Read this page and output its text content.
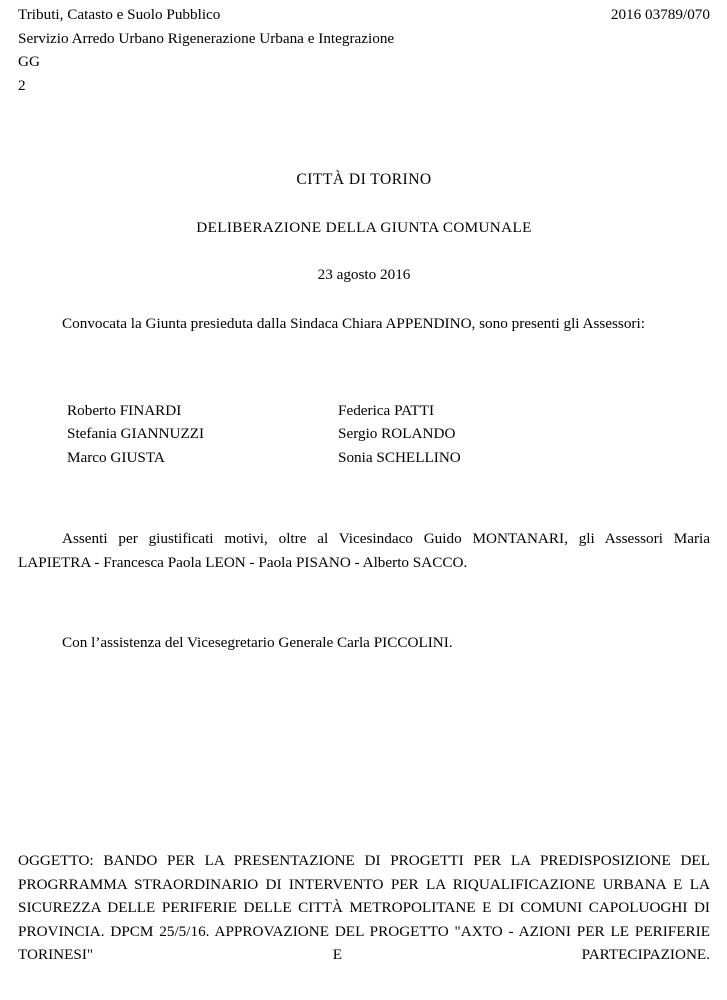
Tributi, Catasto e Suolo Pubblico	2016 03789/070
Servizio Arredo Urbano Rigenerazione Urbana e Integrazione
GG
2
CITTÀ DI TORINO
DELIBERAZIONE DELLA GIUNTA COMUNALE
23 agosto 2016

Convocata la Giunta presieduta dalla Sindaca Chiara APPENDINO, sono presenti gli Assessori:

Roberto FINARDI
Stefania GIANNUZZI
Marco GIUSTA
Federica PATTI
Sergio ROLANDO
Sonia SCHELLINO

Assenti per giustificati motivi, oltre al Vicesindaco Guido MONTANARI, gli Assessori Maria LAPIETRA - Francesca Paola LEON - Paola PISANO - Alberto SACCO.

Con l’assistenza del Vicesegretario Generale Carla PICCOLINI.

OGGETTO: BANDO PER LA PRESENTAZIONE DI PROGETTI PER LA PREDISPOSIZIONE DEL PROGRRAMMA STRAORDINARIO DI INTERVENTO PER LA RIQUALIFICAZIONE URBANA E LA SICUREZZA DELLE PERIFERIE DELLE CITTÀ METROPOLITANE E DI COMUNI CAPOLUOGHI DI PROVINCIA. DPCM 25/5/16. APPROVAZIONE DEL PROGETTO "AXTO - AZIONI PER LE PERIFERIE TORINESI" E PARTECIPAZIONE.
